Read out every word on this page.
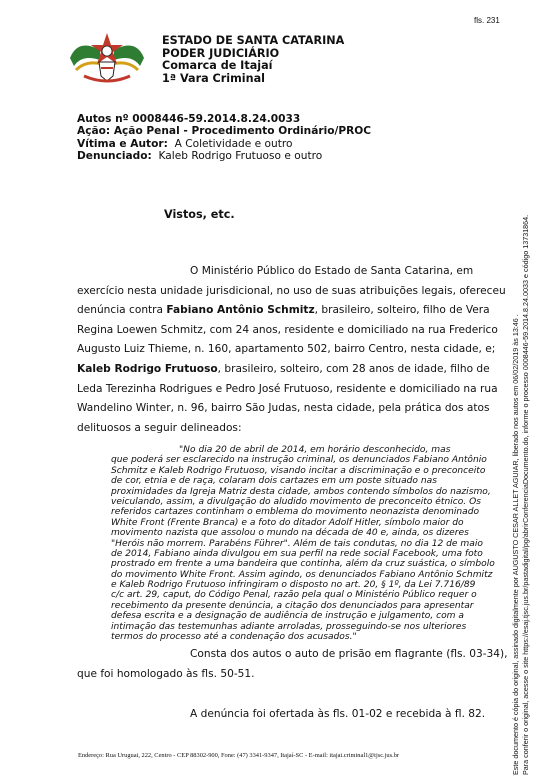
fls. 231
ESTADO DE SANTA CATARINA
PODER JUDICIÁRIO
Comarca de Itajaí
1ª Vara Criminal
Autos nº 0008446-59.2014.8.24.0033
Ação: Ação Penal - Procedimento Ordinário/PROC
Vítima e Autor: A Coletividade e outro
Denunciado: Kaleb Rodrigo Frutuoso e outro
Vistos, etc.
O Ministério Público do Estado de Santa Catarina, em
exercício nesta unidade jurisdicional, no uso de suas atribuições legais, ofereceu
denúncia contra Fabiano Antônio Schmitz, brasileiro, solteiro, filho de Vera
Regina Loewen Schmitz, com 24 anos, residente e domiciliado na rua Frederico
Augusto Luiz Thieme, n. 160, apartamento 502, bairro Centro, nesta cidade, e;
Kaleb Rodrigo Frutuoso, brasileiro, solteiro, com 28 anos de idade, filho de
Leda Terezinha Rodrigues e Pedro José Frutuoso, residente e domiciliado na rua
Wandelino Winter, n. 96, bairro São Judas, nesta cidade, pela prática dos atos
delituosos a seguir delineados:
"No dia 20 de abril de 2014, em horário desconhecido, mas
que poderá ser esclarecido na instrução criminal, os denunciados Fabiano Antônio
Schmitz e Kaleb Rodrigo Frutuoso, visando incitar a discriminação e o preconceito
de cor, etnia e de raça, colaram dois cartazes em um poste situado nas
proximidades da Igreja Matriz desta cidade, ambos contendo símbolos do nazismo,
veiculando, assim, a divulgação do aludido movimento de preconceito étnico. Os
referidos cartazes continham o emblema do movimento neonazista denominado
White Front (Frente Branca) e a foto do ditador Adolf Hitler, símbolo maior do
movimento nazista que assolou o mundo na década de 40 e, ainda, os dizeres
"Heróis não morrem. Parabéns Führer". Além de tais condutas, no dia 12 de maio
de 2014, Fabiano ainda divulgou em sua perfil na rede social Facebook, uma foto
prostrado em frente a uma bandeira que continha, além da cruz suástica, o símbolo
do movimento White Front. Assim agindo, os denunciados Fabiano Antônio Schmitz
e Kaleb Rodrigo Frutuoso infringiram o disposto no art. 20, § 1º, da Lei 7.716/89
c/c art. 29, caput, do Código Penal, razão pela qual o Ministério Público requer o
recebimento da presente denúncia, a citação dos denunciados para apresentar
defesa escrita e a designação de audiência de instrução e julgamento, com a
intimação das testemunhas adiante arroladas, prosseguindo-se nos ulteriores
termos do processo até a condenação dos acusados."
Consta dos autos o auto de prisão em flagrante (fls. 03-34),
que foi homologado às fls. 50-51.
A denúncia foi ofertada às fls. 01-02 e recebida à fl. 82.
Endereço: Rua Uruguai, 222, Centro - CEP 88302-900, Fone: (47) 3341-9347, Itajaí-SC - E-mail: itajai.criminal1@tjsc.jus.br	Este documento é cópia do original, assinado digitalmente por AUGUSTO CESAR ALLET AGUIAR, liberado nos autos em 06/02/2019 às 13:46 . Para conferir o original, acesse o site https://esaj.tjsc.jus.br/pastadigital/pg/abrirConferenciaDocumento.do, informe o processo 0008446-59.2014.8.24.0033 e código 13731864.
